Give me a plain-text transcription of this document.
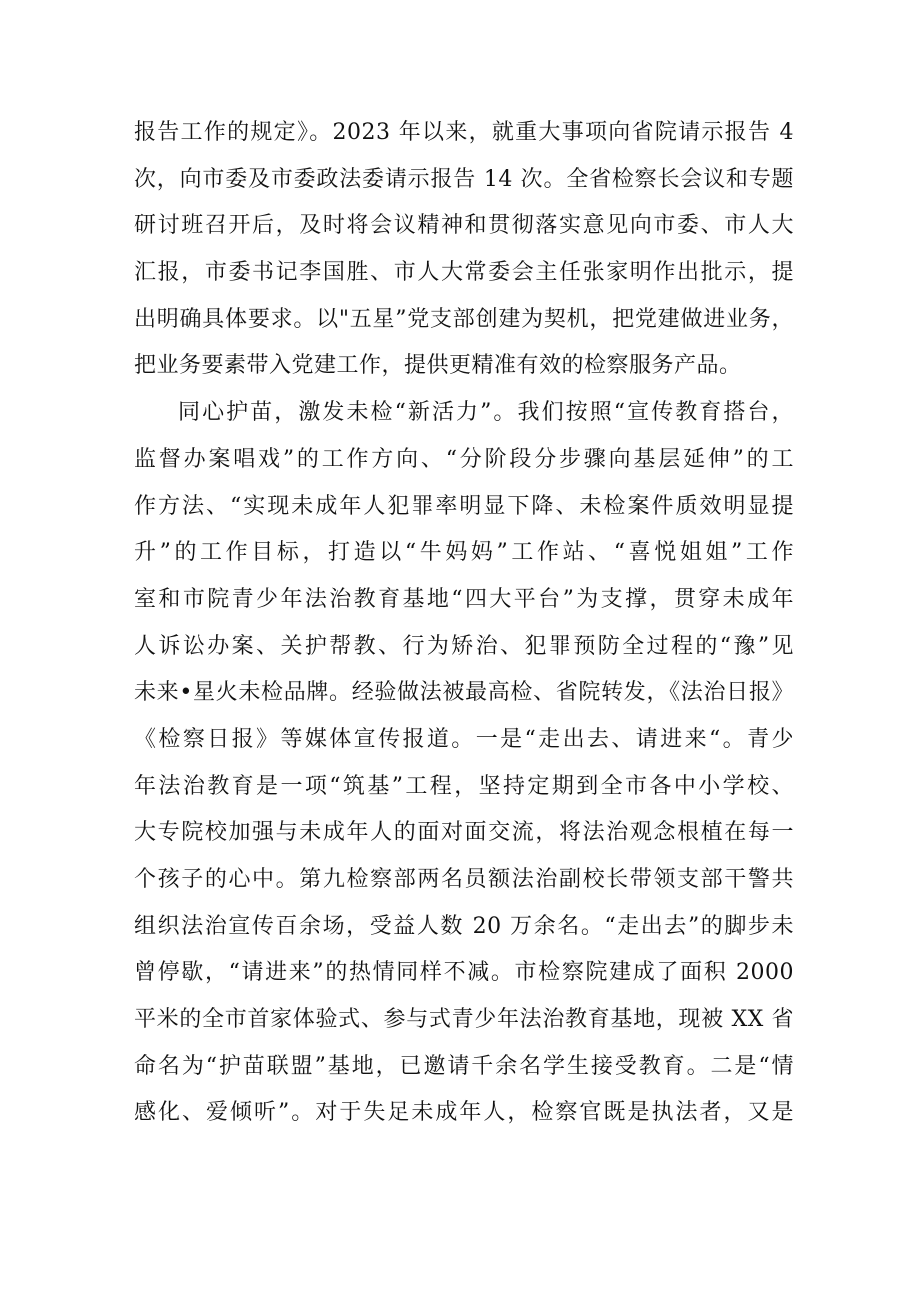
报告工作的规定》。2023 年以来，就重大事项向省院请示报告 4
次，向市委及市委政法委请示报告 14 次。全省检察长会议和专题
研讨班召开后，及时将会议精神和贯彻落实意见向市委、市人大
汇报，市委书记李国胜、市人大常委会主任张家明作出批示，提
出明确具体要求。以"五星”党支部创建为契机，把党建做进业务，
把业务要素带入党建工作，提供更精准有效的检察服务产品。
同心护苗，激发未检“新活力”。我们按照“宣传教育搭台，
监督办案唱戏”的工作方向、“分阶段分步骤向基层延伸”的工
作方法、“实现未成年人犯罪率明显下降、未检案件质效明显提
升”的工作目标，打造以“牛妈妈”工作站、“喜悦姐姐”工作
室和市院青少年法治教育基地“四大平台”为支撑，贯穿未成年
人诉讼办案、关护帮教、行为矫治、犯罪预防全过程的“豫”见
未来•星火未检品牌。经验做法被最高检、省院转发，《法治日报》
《检察日报》等媒体宣传报道。一是“走出去、请进来“。青少
年法治教育是一项“筑基”工程，坚持定期到全市各中小学校、
大专院校加强与未成年人的面对面交流，将法治观念根植在每一
个孩子的心中。第九检察部两名员额法治副校长带领支部干警共
组织法治宣传百余场，受益人数 20 万余名。“走出去”的脚步未
曾停歇，“请进来”的热情同样不减。市检察院建成了面积 2000
平米的全市首家体验式、参与式青少年法治教育基地，现被 XX 省
命名为“护苗联盟”基地，已邀请千余名学生接受教育。二是“情
感化、爱倾听”。对于失足未成年人，检察官既是执法者，又是
